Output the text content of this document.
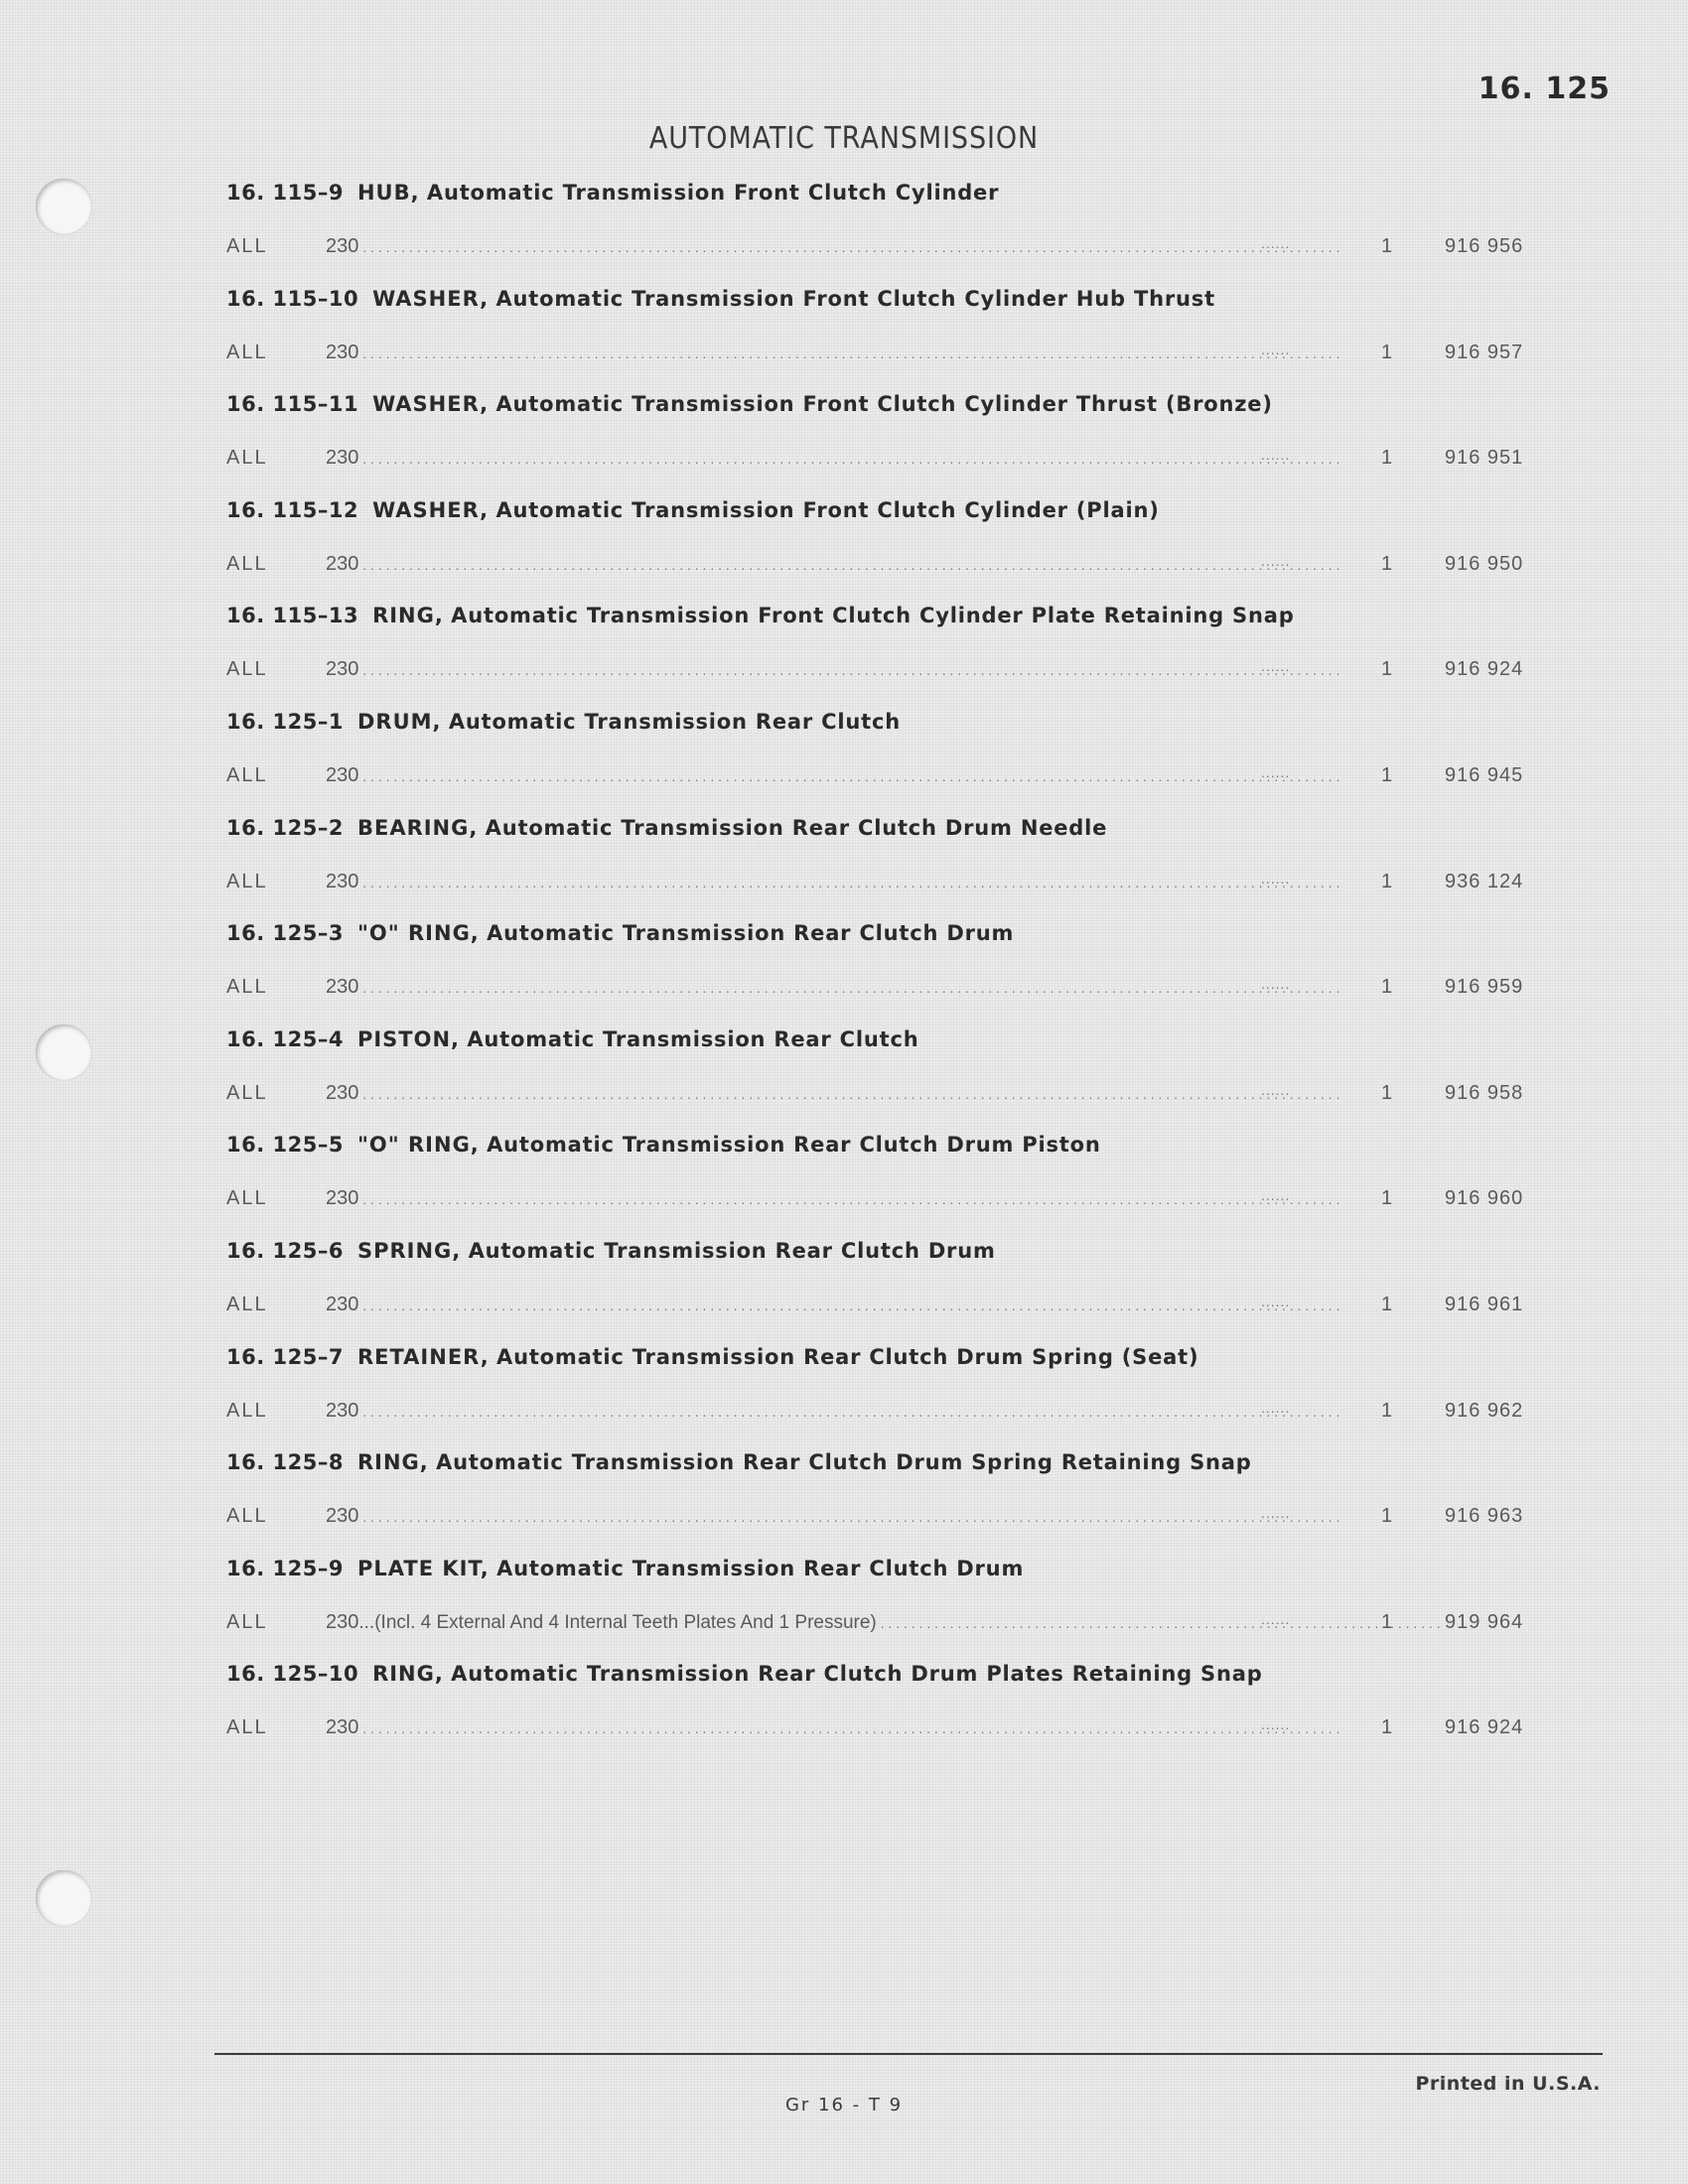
16. 125
AUTOMATIC TRANSMISSION
16. 115–9 HUB, Automatic Transmission Front Clutch Cylinder
ALL	230 . . .	......	1	916 956
16. 115–10 WASHER, Automatic Transmission Front Clutch Cylinder Hub Thrust
ALL	230 . . .	......	1	916 957
16. 115–11 WASHER, Automatic Transmission Front Clutch Cylinder Thrust (Bronze)
ALL	230 . . .	......	1	916 951
16. 115–12 WASHER, Automatic Transmission Front Clutch Cylinder (Plain)
ALL	230 . . .	......	1	916 950
16. 115–13 RING, Automatic Transmission Front Clutch Cylinder Plate Retaining Snap
ALL	230 . . .	......	1	916 924
16. 125–1 DRUM, Automatic Transmission Rear Clutch
ALL	230 . . .	......	1	916 945
16. 125–2 BEARING, Automatic Transmission Rear Clutch Drum Needle
ALL	230 . . .	......	1	936 124
16. 125–3 "O" RING, Automatic Transmission Rear Clutch Drum
ALL	230 . . .	......	1	916 959
16. 125–4 PISTON, Automatic Transmission Rear Clutch
ALL	230 . . .	......	1	916 958
16. 125–5 "O" RING, Automatic Transmission Rear Clutch Drum Piston
ALL	230 . . .	......	1	916 960
16. 125–6 SPRING, Automatic Transmission Rear Clutch Drum
ALL	230 . . .	......	1	916 961
16. 125–7 RETAINER, Automatic Transmission Rear Clutch Drum Spring (Seat)
ALL	230 . . .	......	1	916 962
16. 125–8 RING, Automatic Transmission Rear Clutch Drum Spring Retaining Snap
ALL	230 . . .	......	1	916 963
16. 125–9 PLATE KIT, Automatic Transmission Rear Clutch Drum
ALL	230...(Incl. 4 External And 4 Internal Teeth Plates And 1 Pressure) . . .	......	1	919 964
16. 125–10 RING, Automatic Transmission Rear Clutch Drum Plates Retaining Snap
ALL	230 . . .	......	1	916 924
Printed in U.S.A.
Gr 16 - T 9
